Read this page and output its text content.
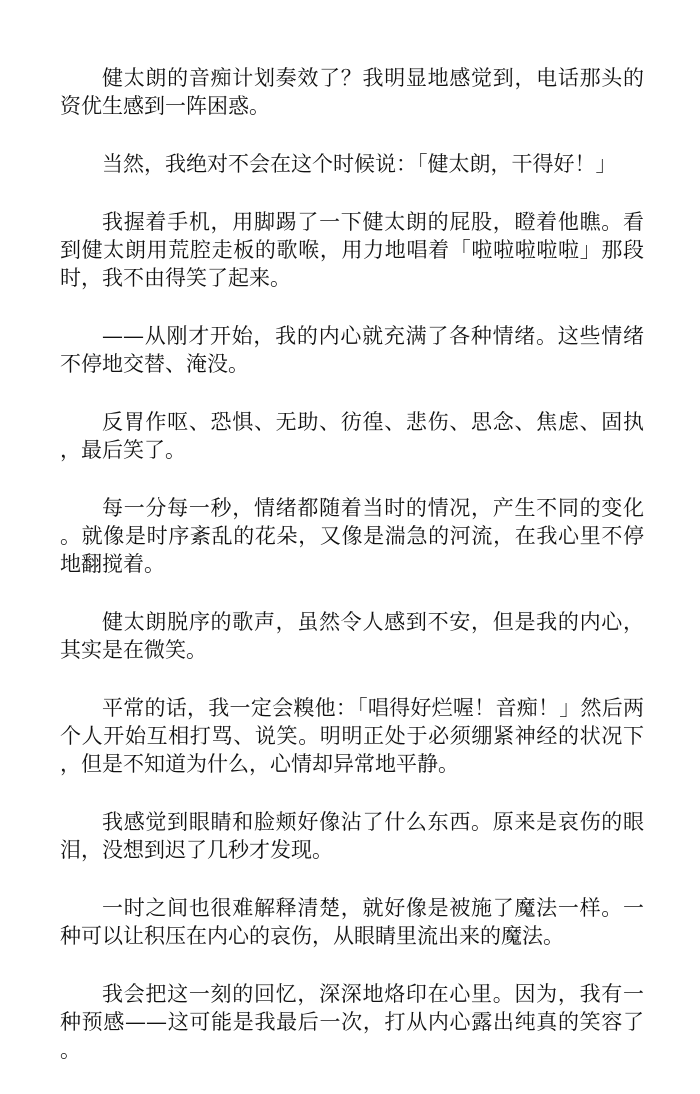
健太朗的音痴计划奏效了？我明显地感觉到，电话那头的资优生感到一阵困惑。

当然，我绝对不会在这个时候说：「健太朗，干得好！」

我握着手机，用脚踢了一下健太朗的屁股，瞪着他瞧。看到健太朗用荒腔走板的歌喉，用力地唱着「啦啦啦啦啦」那段时，我不由得笑了起来。

——从刚才开始，我的内心就充满了各种情绪。这些情绪不停地交替、淹没。

反胃作呕、恐惧、无助、彷徨、悲伤、思念、焦虑、固执，最后笑了。

每一分每一秒，情绪都随着当时的情况，产生不同的变化。就像是时序紊乱的花朵，又像是湍急的河流，在我心里不停地翻搅着。

健太朗脱序的歌声，虽然令人感到不安，但是我的内心，其实是在微笑。

平常的话，我一定会糗他：「唱得好烂喔！音痴！」然后两个人开始互相打骂、说笑。明明正处于必须绷紧神经的状况下，但是不知道为什么，心情却异常地平静。

我感觉到眼睛和脸颊好像沾了什么东西。原来是哀伤的眼泪，没想到迟了几秒才发现。

一时之间也很难解释清楚，就好像是被施了魔法一样。一种可以让积压在内心的哀伤，从眼睛里流出来的魔法。

我会把这一刻的回忆，深深地烙印在心里。因为，我有一种预感——这可能是我最后一次，打从内心露出纯真的笑容了。
